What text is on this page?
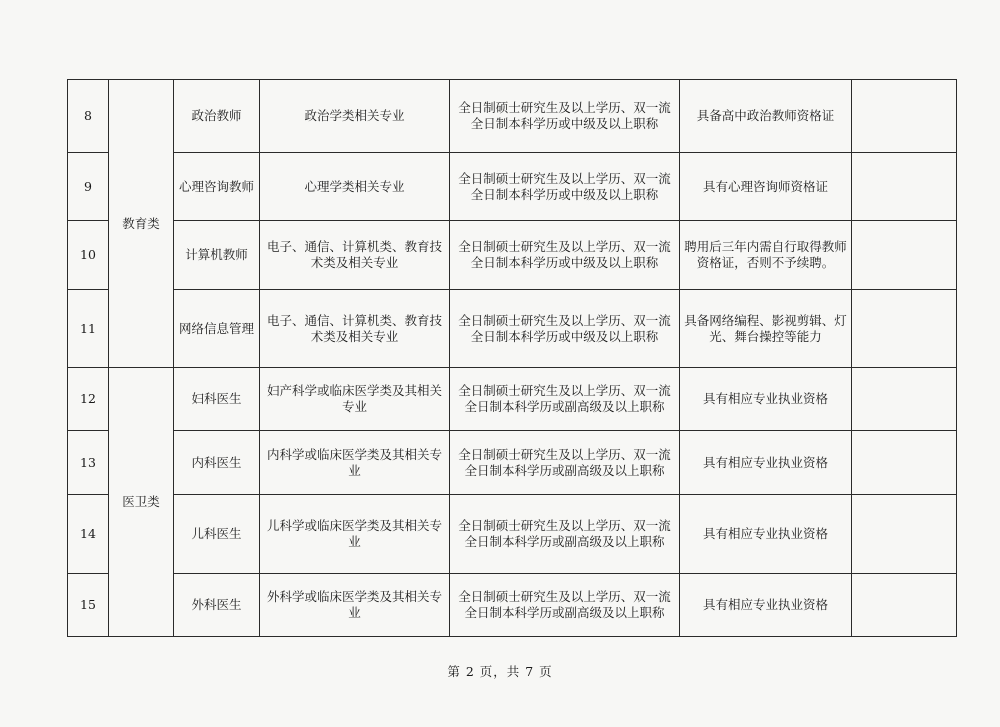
8	教育类	政治教师	政治学类相关专业	全日制硕士研究生及以上学历、双一流全日制本科学历或中级及以上职称	具备高中政治教师资格证	
9		心理咨询教师	心理学类相关专业	全日制硕士研究生及以上学历、双一流全日制本科学历或中级及以上职称	具有心理咨询师资格证	
10		计算机教师	电子、通信、计算机类、教育技术类及相关专业	全日制硕士研究生及以上学历、双一流全日制本科学历或中级及以上职称	聘用后三年内需自行取得教师资格证，否则不予续聘。	
11		网络信息管理	电子、通信、计算机类、教育技术类及相关专业	全日制硕士研究生及以上学历、双一流全日制本科学历或中级及以上职称	具备网络编程、影视剪辑、灯光、舞台操控等能力	
12	医卫类	妇科医生	妇产科学或临床医学类及其相关专业	全日制硕士研究生及以上学历、双一流全日制本科学历或副高级及以上职称	具有相应专业执业资格	
13		内科医生	内科学或临床医学类及其相关专业	全日制硕士研究生及以上学历、双一流全日制本科学历或副高级及以上职称	具有相应专业执业资格	
14		儿科医生	儿科学或临床医学类及其相关专业	全日制硕士研究生及以上学历、双一流全日制本科学历或副高级及以上职称	具有相应专业执业资格	
15		外科医生	外科学或临床医学类及其相关专业	全日制硕士研究生及以上学历、双一流全日制本科学历或副高级及以上职称	具有相应专业执业资格	
第 2 页，共 7 页
